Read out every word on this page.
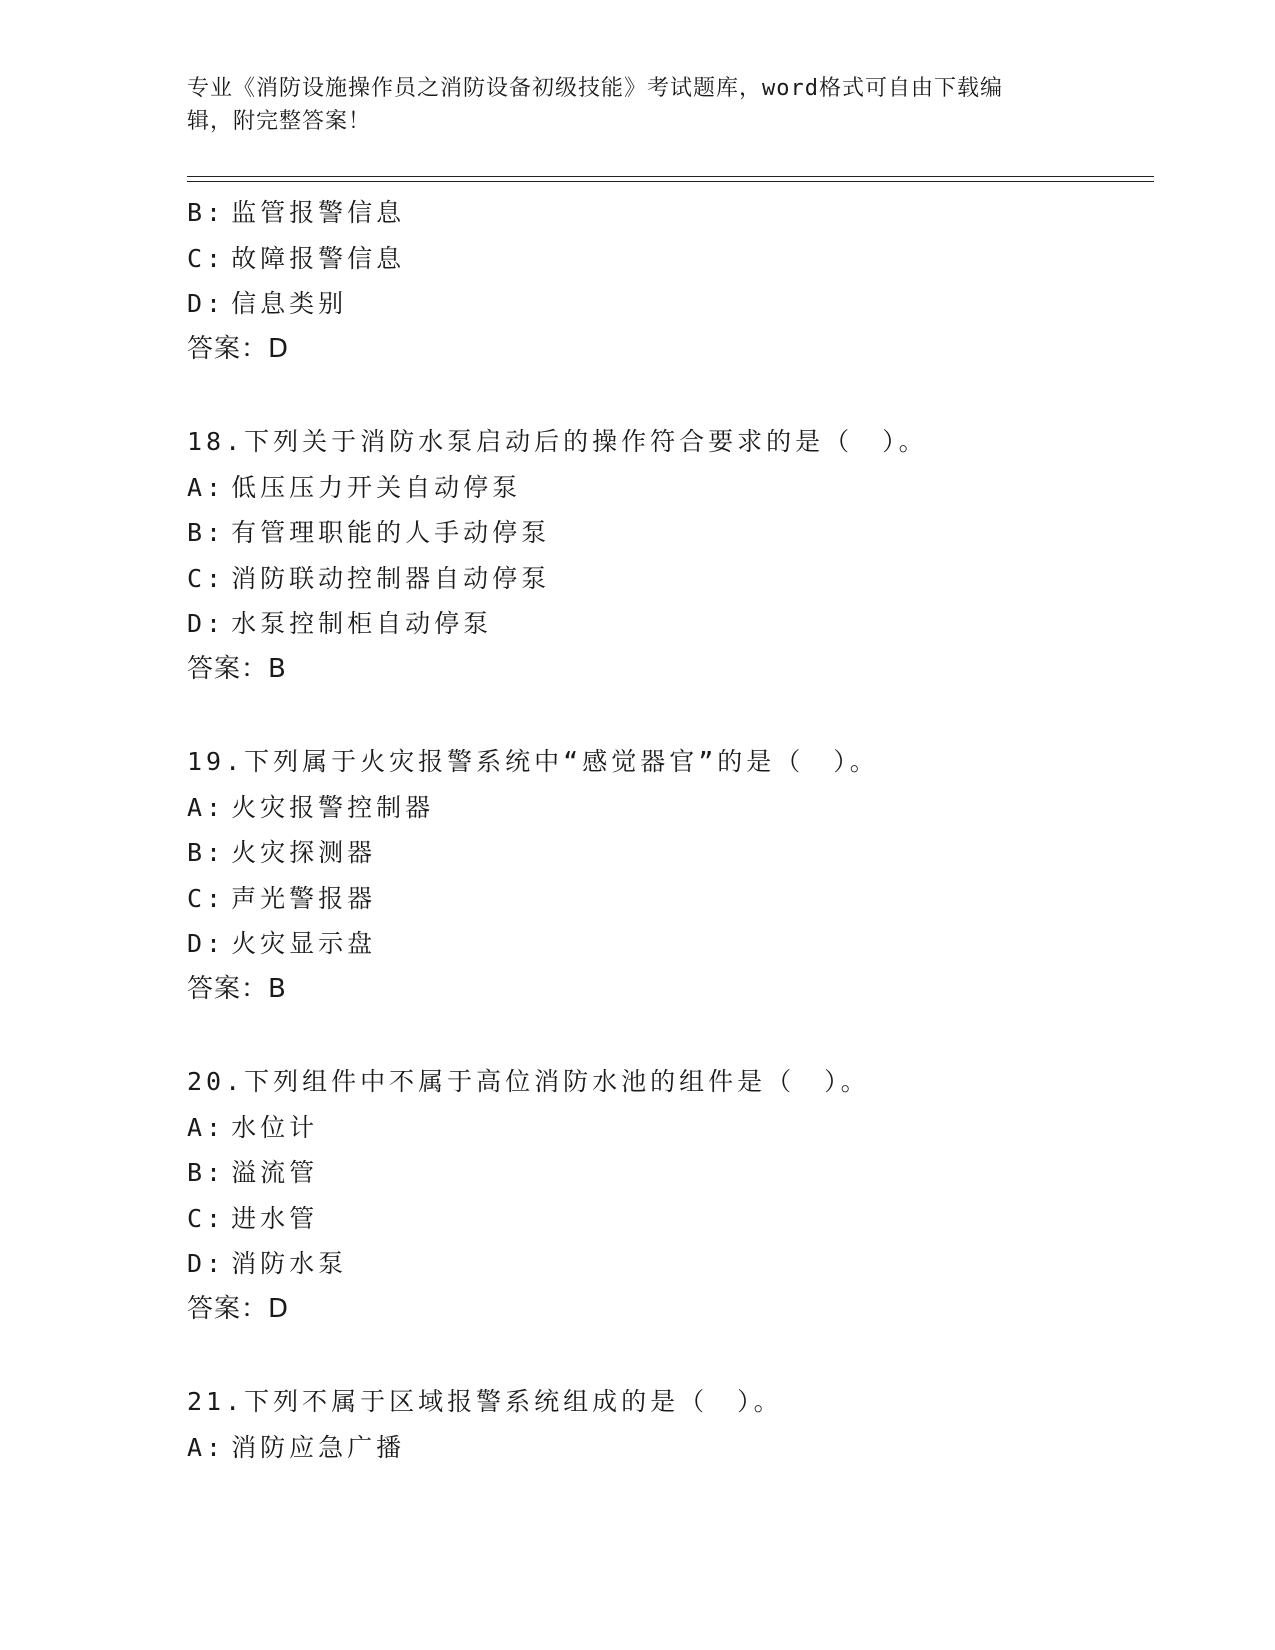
专业《消防设施操作员之消防设备初级技能》考试题库，word格式可自由下载编
辑，附完整答案！
B: 监管报警信息
C: 故障报警信息
D: 信息类别
答案：D
18.下列关于消防水泵启动后的操作符合要求的是（　）。
A: 低压压力开关自动停泵
B: 有管理职能的人手动停泵
C: 消防联动控制器自动停泵
D: 水泵控制柜自动停泵
答案：B
19.下列属于火灾报警系统中“感觉器官”的是（　）。
A: 火灾报警控制器
B: 火灾探测器
C: 声光警报器
D: 火灾显示盘
答案：B
20.下列组件中不属于高位消防水池的组件是（　）。
A: 水位计
B: 溢流管
C: 进水管
D: 消防水泵
答案：D
21.下列不属于区域报警系统组成的是（　）。
A: 消防应急广播
